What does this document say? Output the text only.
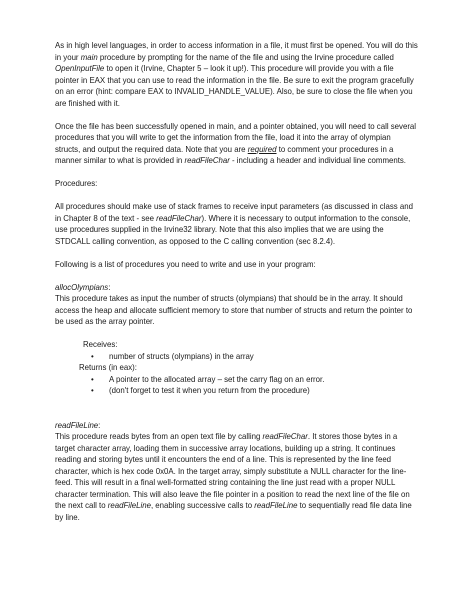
As in high level languages, in order to access information in a file, it must first be opened. You will do this in your main procedure by prompting for the name of the file and using the Irvine procedure called OpenInputFile to open it (Irvine, Chapter 5 – look it up!). This procedure will provide you with a file pointer in EAX that you can use to read the information in the file. Be sure to exit the program gracefully on an error (hint: compare EAX to INVALID_HANDLE_VALUE). Also, be sure to close the file when you are finished with it.

Once the file has been successfully opened in main, and a pointer obtained, you will need to call several procedures that you will write to get the information from the file, load it into the array of olympian structs, and output the required data. Note that you are required to comment your procedures in a manner similar to what is provided in readFileChar - including a header and individual line comments.

Procedures:

All procedures should make use of stack frames to receive input parameters (as discussed in class and in Chapter 8 of the text - see readFileChar). Where it is necessary to output information to the console, use procedures supplied in the Irvine32 library. Note that this also implies that we are using the STDCALL calling convention, as opposed to the C calling convention (sec 8.2.4).

Following is a list of procedures you need to write and use in your program:

allocOlympians:

This procedure takes as input the number of structs (olympians) that should be in the array. It should access the heap and allocate sufficient memory to store that number of structs and return the pointer to be used as the array pointer.

Receives:

• number of structs (olympians) in the array

Returns (in eax):

• A pointer to the allocated array – set the carry flag on an error.
• (don't forget to test it when you return from the procedure)

readFileLine:

This procedure reads bytes from an open text file by calling readFileChar. It stores those bytes in a target character array, loading them in successive array locations, building up a string. It continues reading and storing bytes until it encounters the end of a line. This is represented by the line feed character, which is hex code 0x0A. In the target array, simply substitute a NULL character for the line-feed. This will result in a final well-formatted string containing the line just read with a proper NULL character termination. This will also leave the file pointer in a position to read the next line of the file on the next call to readFileLine, enabling successive calls to readFileLine to sequentially read file data line by line.
